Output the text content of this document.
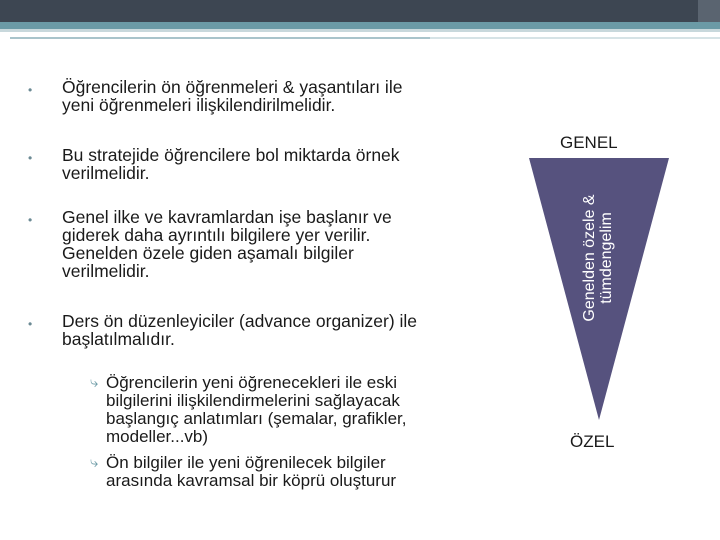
• Öğrencilerin ön öğrenmeleri & yaşantıları ile
yeni öğrenmeleri ilişkilendirilmelidir.
• Bu stratejide öğrencilere bol miktarda örnek
verilmelidir.
• Genel ilke ve kavramlardan işe başlanır ve
giderek daha ayrıntılı bilgilere yer verilir.
Genelden özele giden aşamalı bilgiler
verilmelidir.
• Ders ön düzenleyiciler (advance organizer) ile
başlatılmalıdır.
⤷ Öğrencilerin yeni öğrenecekleri ile eski
bilgilerini ilişkilendirmelerini sağlayacak
başlangıç anlatımları (şemalar, grafikler,
modeller...vb)
⤷ Ön bilgiler ile yeni öğrenilecek bilgiler
arasında kavramsal bir köprü oluşturur
GENEL
Genelden özele & tümdengelim
ÖZEL
